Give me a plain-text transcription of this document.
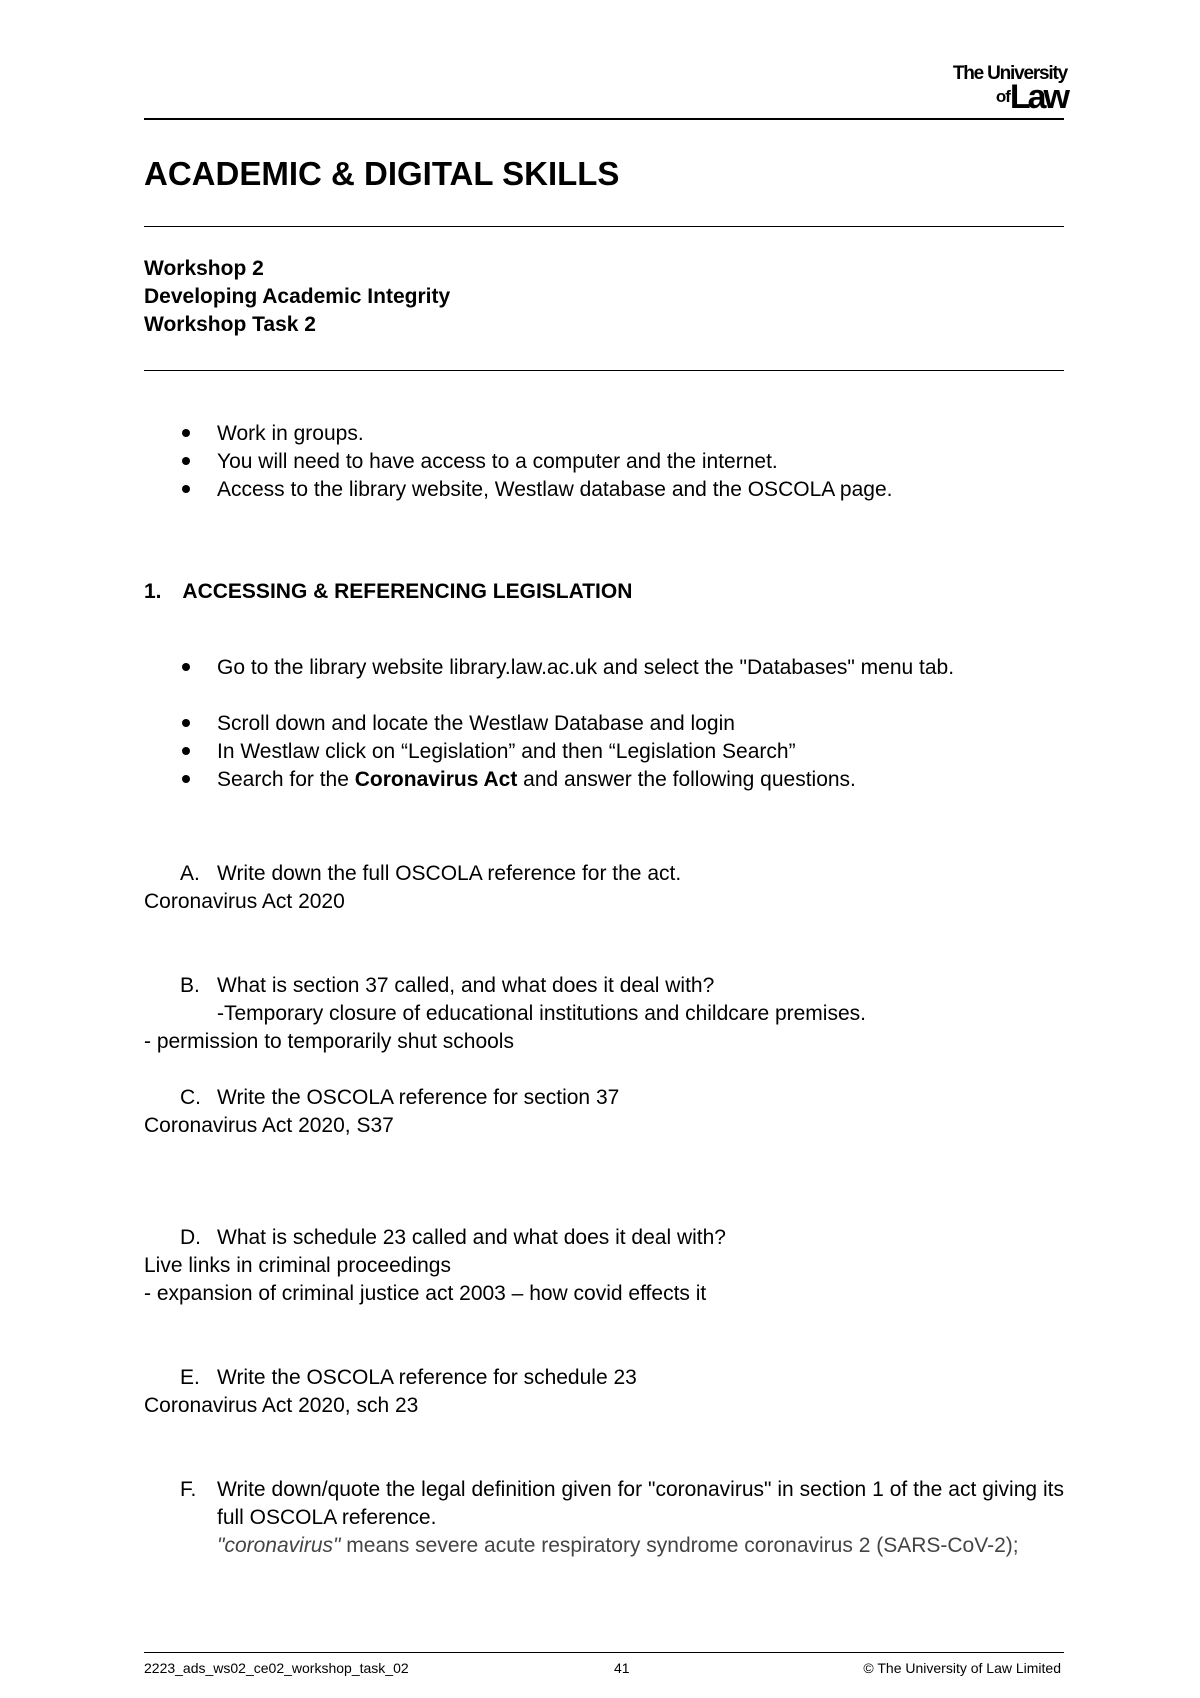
The University
ofLaw
ACADEMIC & DIGITAL SKILLS
Workshop 2
Developing Academic Integrity
Workshop Task 2
Work in groups.
You will need to have access to a computer and the internet.
Access to the library website, Westlaw database and the OSCOLA page.
1. ACCESSING & REFERENCING LEGISLATION
Go to the library website library.law.ac.uk and select the "Databases" menu tab.
Scroll down and locate the Westlaw Database and login
In Westlaw click on “Legislation” and then “Legislation Search”
Search for the Coronavirus Act and answer the following questions.
A. Write down the full OSCOLA reference for the act.
Coronavirus Act 2020
B. What is section 37 called, and what does it deal with?
-Temporary closure of educational institutions and childcare premises.
- permission to temporarily shut schools
C. Write the OSCOLA reference for section 37
Coronavirus Act 2020, S37
D. What is schedule 23 called and what does it deal with?
Live links in criminal proceedings
- expansion of criminal justice act 2003 – how covid effects it
E. Write the OSCOLA reference for schedule 23
Coronavirus Act 2020, sch 23
F. Write down/quote the legal definition given for "coronavirus" in section 1 of the act giving its full OSCOLA reference.
"coronavirus" means severe acute respiratory syndrome coronavirus 2 (SARS-CoV-2);
2223_ads_ws02_ce02_workshop_task_02	41	© The University of Law Limited
